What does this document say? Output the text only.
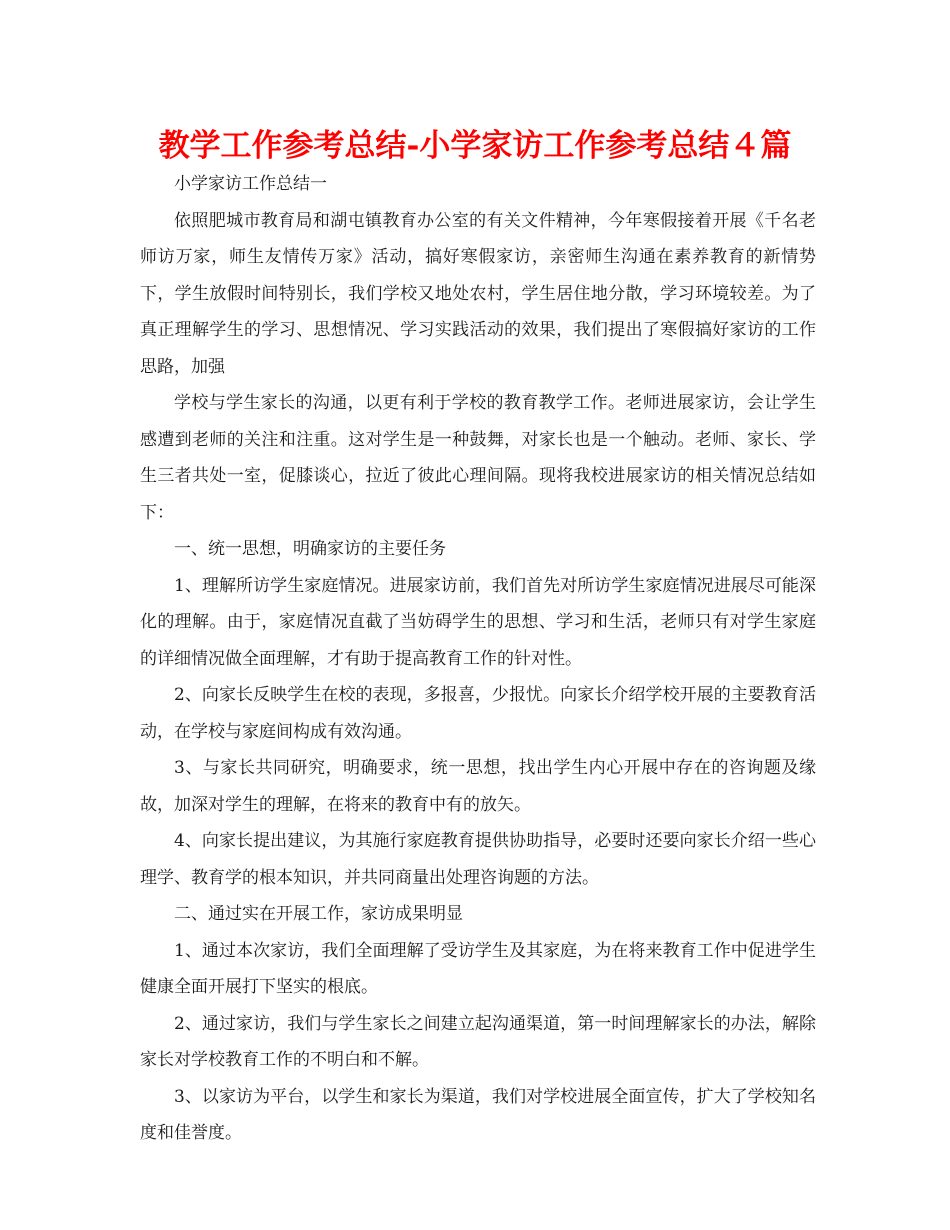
教学工作参考总结-小学家访工作参考总结４篇

小学家访工作总结一

依照肥城市教育局和湖屯镇教育办公室的有关文件精神，今年寒假接着开展《千名老师访万家，师生友情传万家》活动，搞好寒假家访，亲密师生沟通在素养教育的新情势下，学生放假时间特别长，我们学校又地处农村，学生居住地分散，学习环境较差。为了真正理解学生的学习、思想情况、学习实践活动的效果，我们提出了寒假搞好家访的工作思路，加强

学校与学生家长的沟通，以更有利于学校的教育教学工作。老师进展家访，会让学生感遭到老师的关注和注重。这对学生是一种鼓舞，对家长也是一个触动。老师、家长、学生三者共处一室，促膝谈心，拉近了彼此心理间隔。现将我校进展家访的相关情况总结如下：

一、统一思想，明确家访的主要任务

1、理解所访学生家庭情况。进展家访前，我们首先对所访学生家庭情况进展尽可能深化的理解。由于，家庭情况直截了当妨碍学生的思想、学习和生活，老师只有对学生家庭的详细情况做全面理解，才有助于提高教育工作的针对性。

2、向家长反映学生在校的表现，多报喜，少报忧。向家长介绍学校开展的主要教育活动，在学校与家庭间构成有效沟通。

3、与家长共同研究，明确要求，统一思想，找出学生内心开展中存在的咨询题及缘故，加深对学生的理解，在将来的教育中有的放矢。

4、向家长提出建议，为其施行家庭教育提供协助指导，必要时还要向家长介绍一些心理学、教育学的根本知识，并共同商量出处理咨询题的方法。

二、通过实在开展工作，家访成果明显

1、通过本次家访，我们全面理解了受访学生及其家庭，为在将来教育工作中促进学生健康全面开展打下坚实的根底。

2、通过家访，我们与学生家长之间建立起沟通渠道，第一时间理解家长的办法，解除家长对学校教育工作的不明白和不解。

3、以家访为平台，以学生和家长为渠道，我们对学校进展全面宣传，扩大了学校知名度和佳誉度。
